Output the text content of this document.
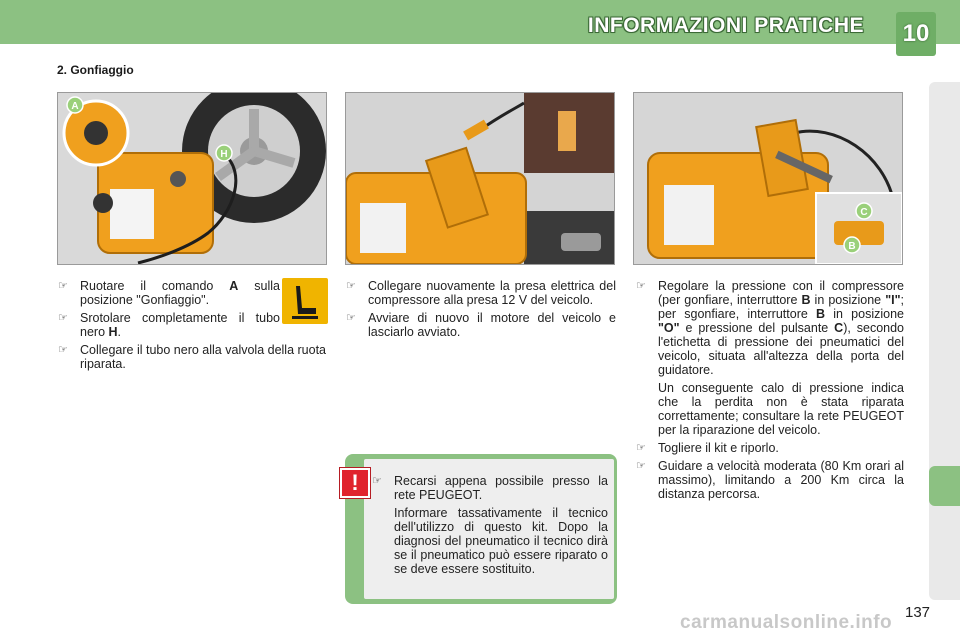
INFORMAZIONI PRATICHE 10
2. Gonfiaggio
A
H
C
B
☞ Ruotare il comando A sulla posizione "Gonfiaggio".
☞ Srotolare completamente il tubo nero H.
☞ Collegare il tubo nero alla valvola della ruota riparata.
☞ Collegare nuovamente la presa elettrica del compressore alla presa 12 V del veicolo.
☞ Avviare di nuovo il motore del veicolo e lasciarlo avviato.
☞ Regolare la pressione con il compressore (per gonfiare, interruttore B in posizione "I"; per sgonfiare, interruttore B in posizione "O" e pressione del pulsante C), secondo l'etichetta di pressione dei pneumatici del veicolo, situata all'altezza della porta del guidatore.
Un conseguente calo di pressione indica che la perdita non è stata riparata correttamente; consultare la rete PEUGEOT per la riparazione del veicolo.
☞ Togliere il kit e riporlo.
☞ Guidare a velocità moderata (80 Km orari al massimo), limitando a 200 Km circa la distanza percorsa.
!	☞ Recarsi appena possibile presso la rete PEUGEOT.
Informare tassativamente il tecnico dell'utilizzo di questo kit. Dopo la diagnosi del pneumatico il tecnico dirà se il pneumatico può essere riparato o se deve essere sostituito.
carmanualsonline.info 137
